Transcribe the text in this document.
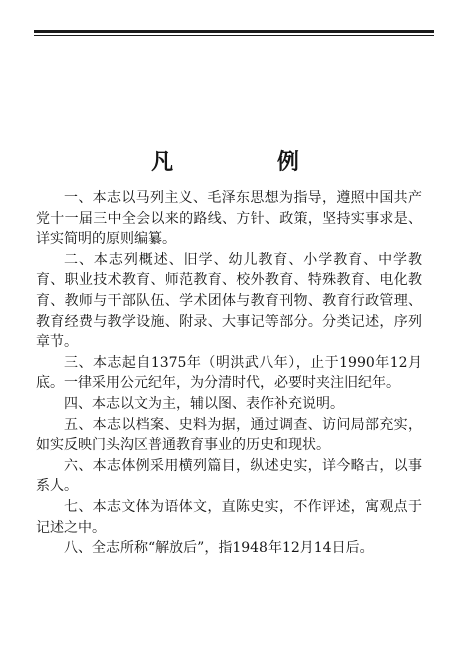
凡 例

一、本志以马列主义、毛泽东思想为指导，遵照中国共产党十一届三中全会以来的路线、方针、政策，坚持实事求是、详实简明的原则编纂。

二、本志列概述、旧学、幼儿教育、小学教育、中学教育、职业技术教育、师范教育、校外教育、特殊教育、电化教育、教师与干部队伍、学术团体与教育刊物、教育行政管理、教育经费与教学设施、附录、大事记等部分。分类记述，序列章节。

三、本志起自1375年（明洪武八年），止于1990年12月底。一律采用公元纪年，为分清时代，必要时夹注旧纪年。

四、本志以文为主，辅以图、表作补充说明。

五、本志以档案、史料为据，通过调查、访问局部充实，如实反映门头沟区普通教育事业的历史和现状。

六、本志体例采用横列篇目，纵述史实，详今略古，以事系人。

七、本志文体为语体文，直陈史实，不作评述，寓观点于记述之中。

八、全志所称“解放后”，指1948年12月14日后。
